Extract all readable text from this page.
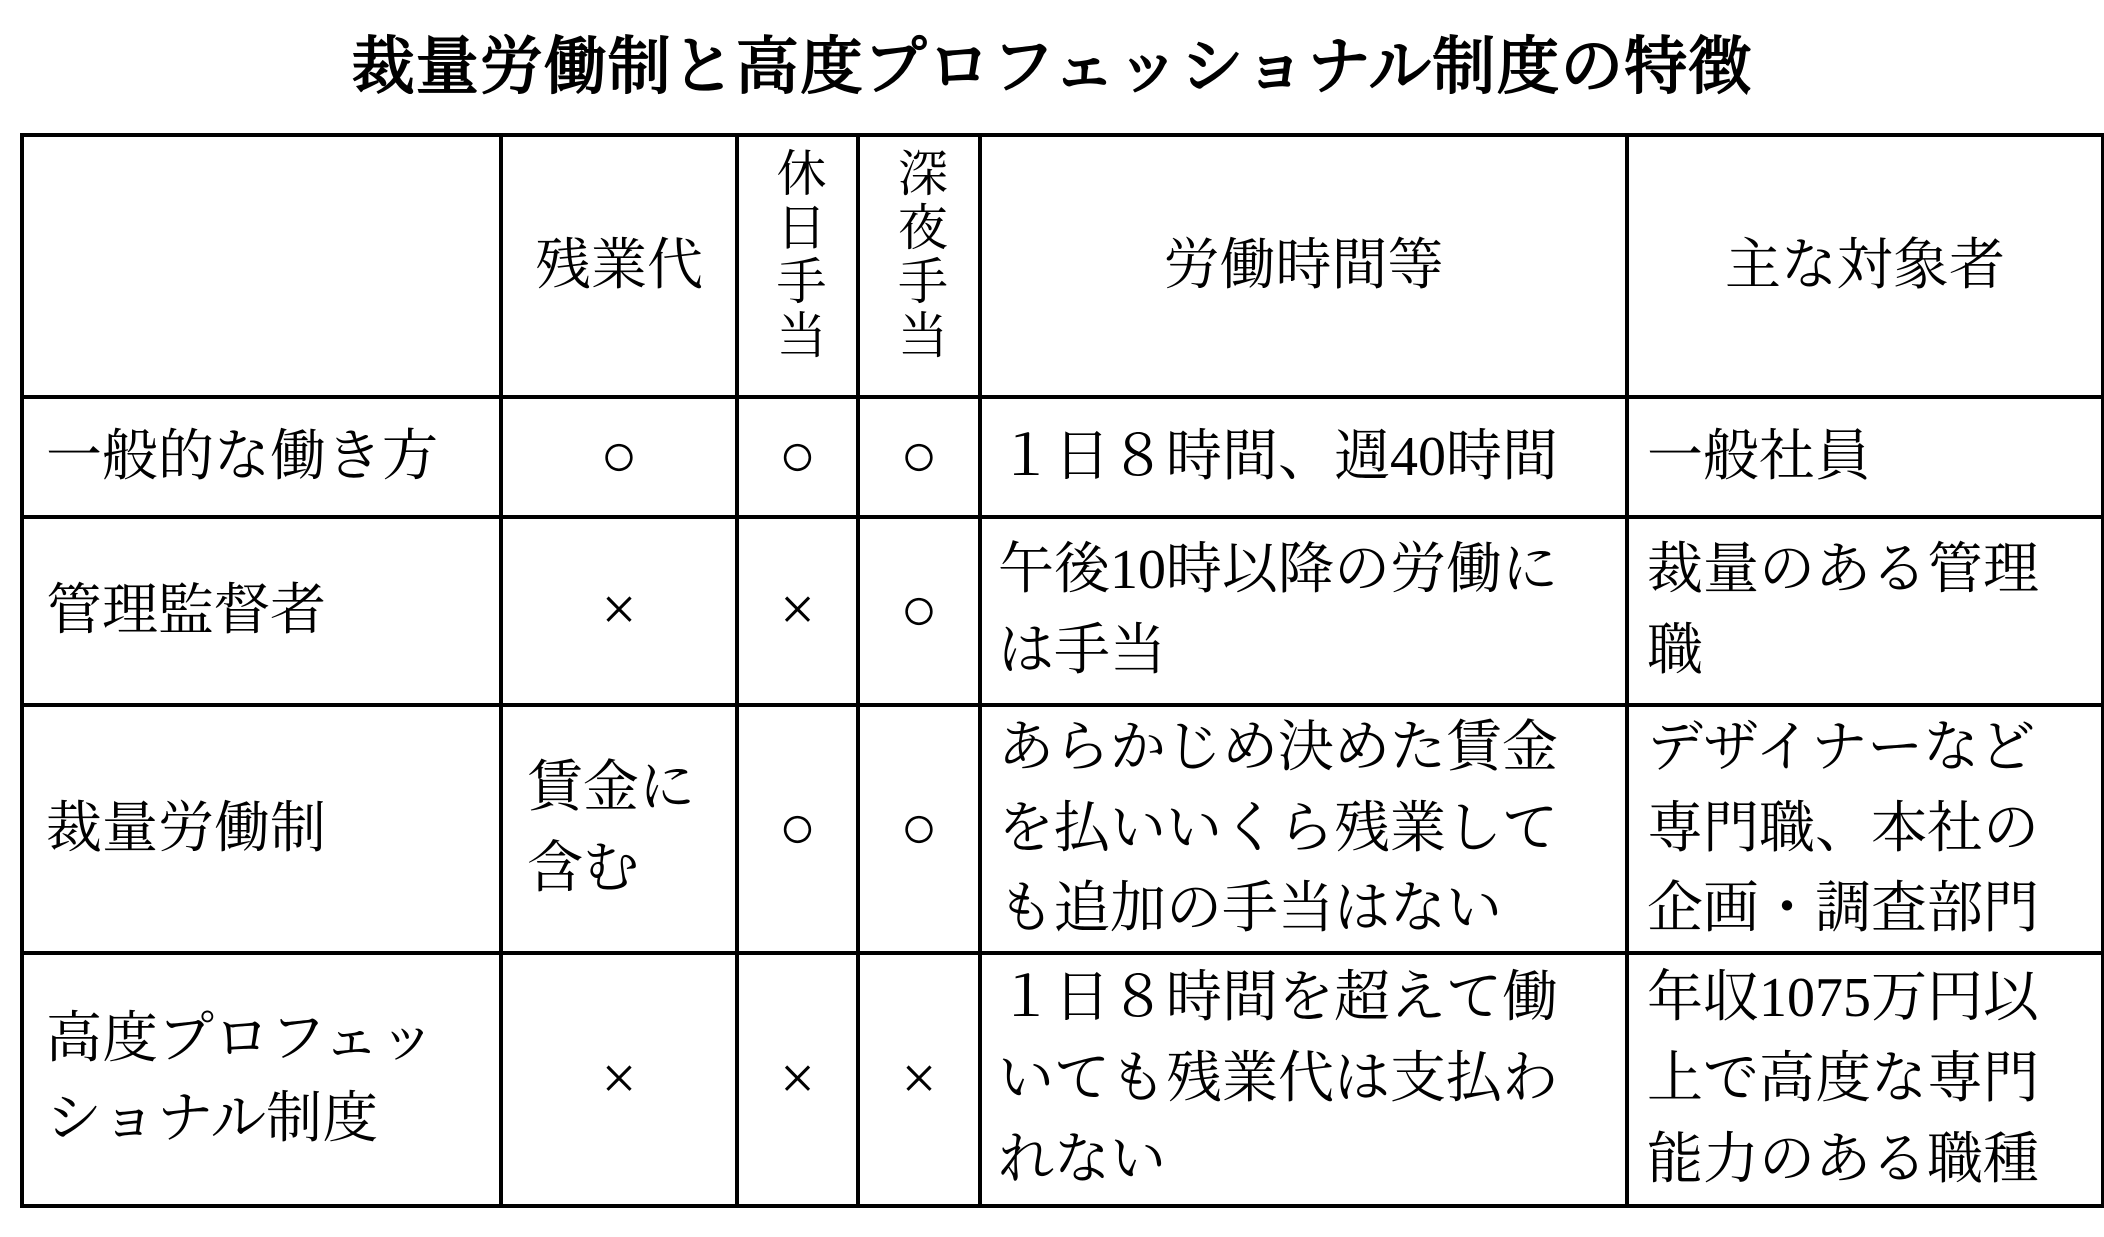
裁量労働制と高度プロフェッショナル制度の特徴
	残業代	休日手当	深夜手当	労働時間等	主な対象者
一般的な働き方	○	○	○	１日８時間、週40時間	一般社員
管理監督者	×	×	○	午後10時以降の労働には手当	裁量のある管理職
裁量労働制	賃金に含む	○	○	あらかじめ決めた賃金を払いいくら残業しても追加の手当はない	デザイナーなど専門職、本社の企画・調査部門
高度プロフェッショナル制度	×	×	×	１日８時間を超えて働いても残業代は支払われない	年収1075万円以上で高度な専門能力のある職種
